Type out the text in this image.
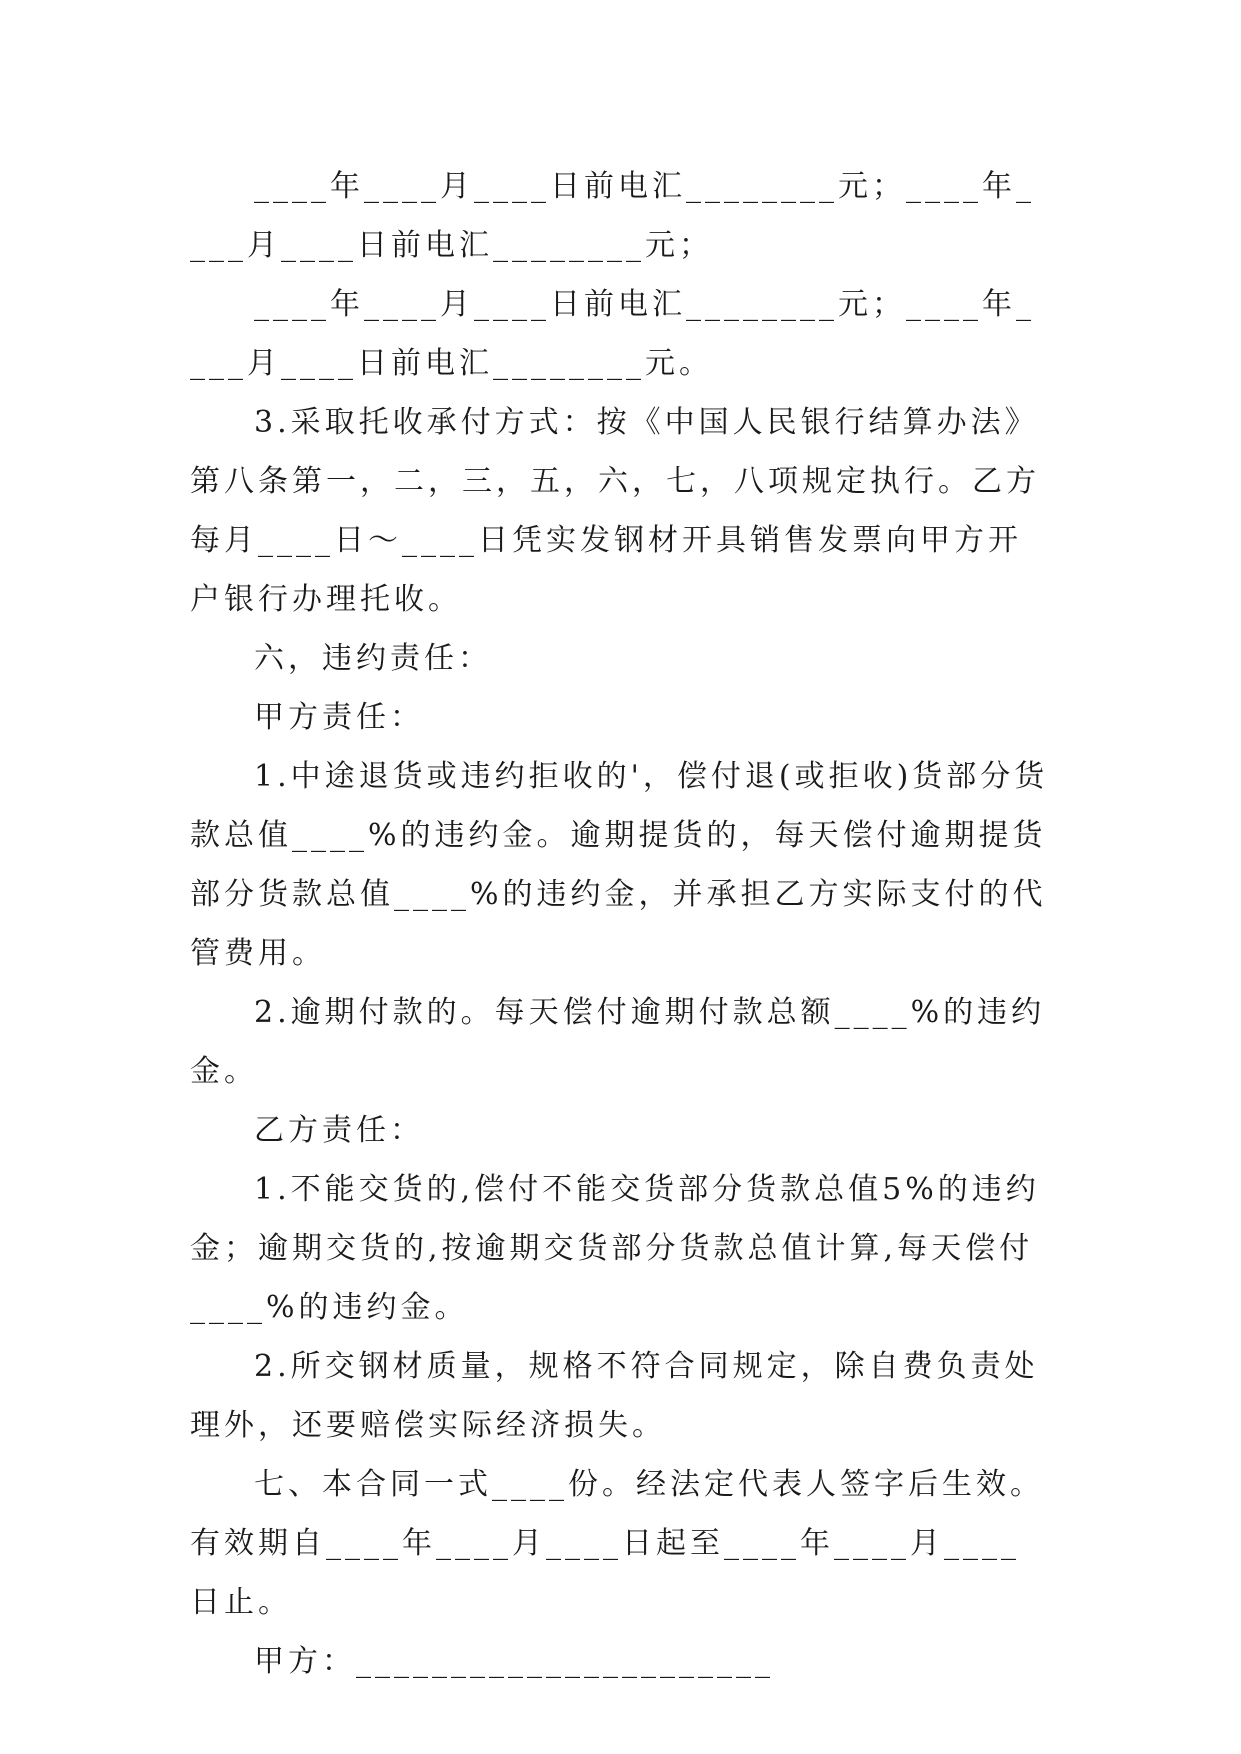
____年____月____日前电汇________元；____年____月____日前电汇________元；

____年____月____日前电汇________元；____年____月____日前电汇________元。

3.采取托收承付方式：按《中国人民银行结算办法》第八条第一，二，三，五，六，七，八项规定执行。乙方每月____日～____日凭实发钢材开具销售发票向甲方开户银行办理托收。

六，违约责任：

甲方责任：

1.中途退货或违约拒收的'，偿付退(或拒收)货部分货款总值____%的违约金。逾期提货的，每天偿付逾期提货部分货款总值____%的违约金，并承担乙方实际支付的代管费用。

2.逾期付款的。每天偿付逾期付款总额____%的违约金。

乙方责任：

1.不能交货的,偿付不能交货部分货款总值5%的违约金；逾期交货的,按逾期交货部分货款总值计算,每天偿付____%的违约金。

2.所交钢材质量，规格不符合同规定，除自费负责处理外，还要赔偿实际经济损失。

七、本合同一式____份。经法定代表人签字后生效。有效期自____年____月____日起至____年____月____日止。

甲方：______________________
